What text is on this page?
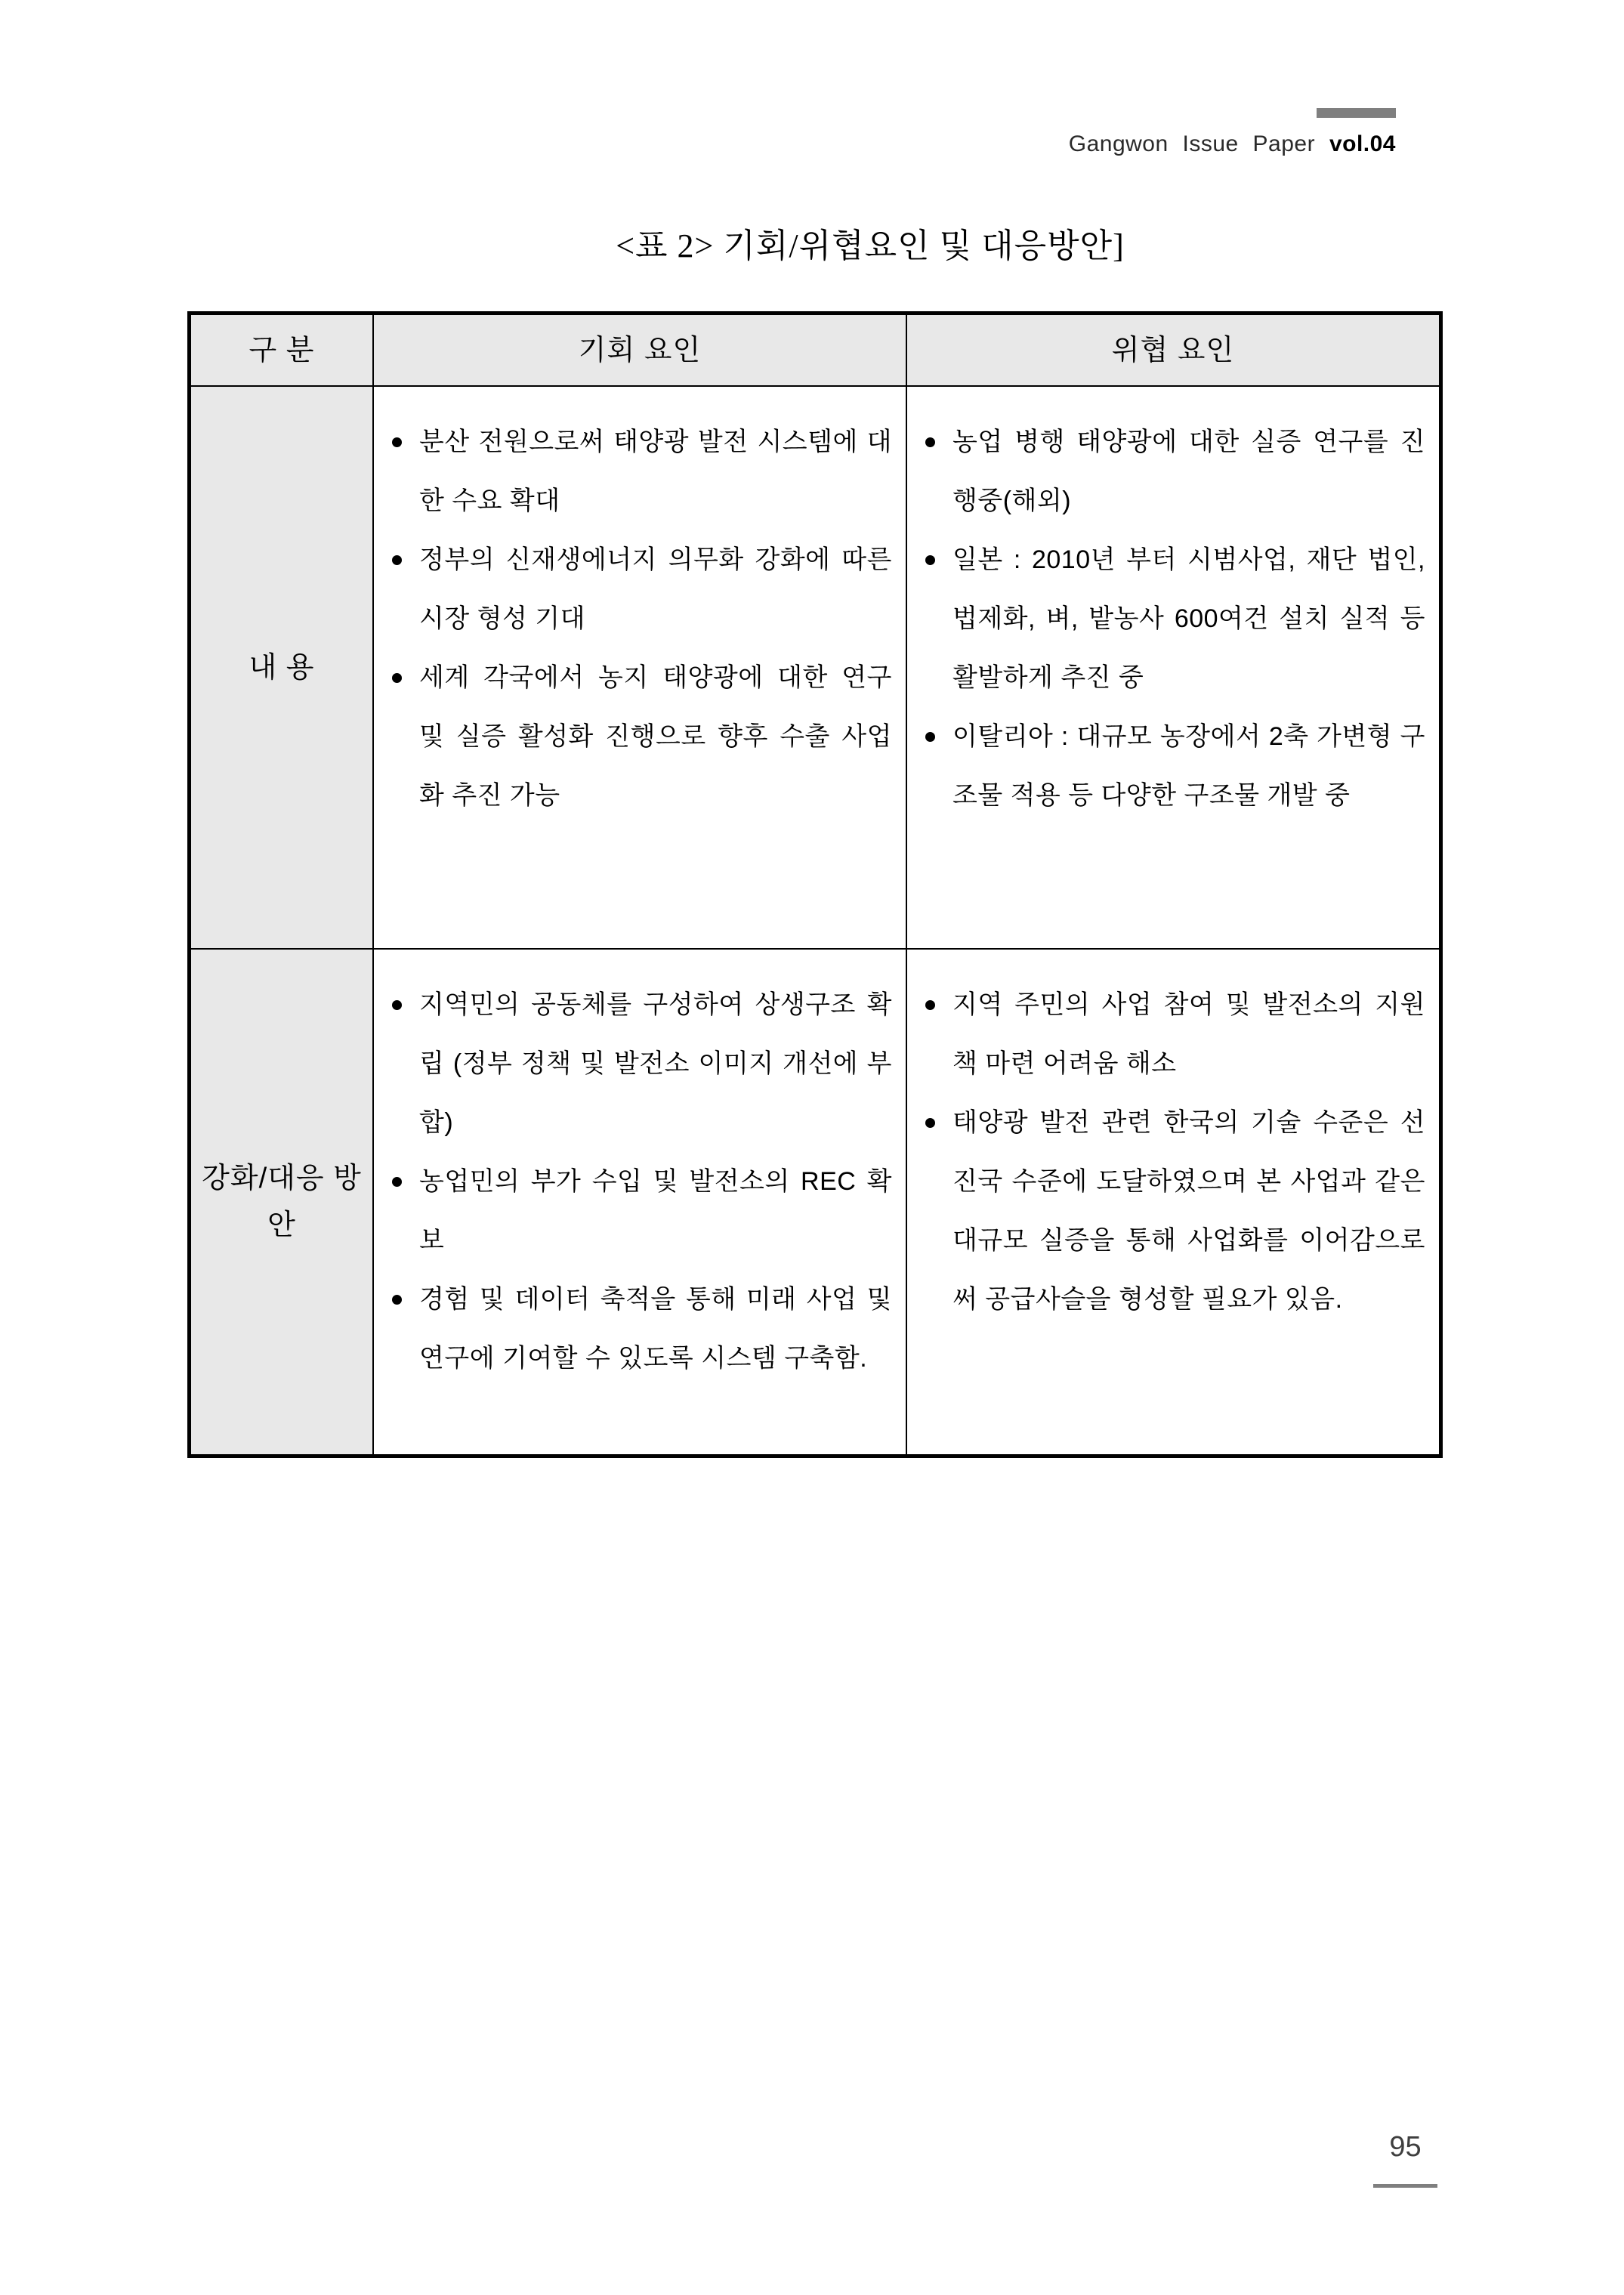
Gangwon Issue Paper vol.04
<표 2> 기회/위협요인 및 대응방안]
구 분	기회 요인	위협 요인
내 용
분산 전원으로써 태양광 발전 시스템에 대한 수요 확대
정부의 신재생에너지 의무화 강화에 따른 시장 형성 기대
세계 각국에서 농지 태양광에 대한 연구 및 실증 활성화 진행으로 향후 수출 사업화 추진 가능
농업 병행 태양광에 대한 실증 연구를 진행중(해외)
일본 : 2010년 부터 시범사업, 재단 법인, 법제화, 벼, 밭농사 600여건 설치 실적 등 활발하게 추진 중
이탈리아 : 대규모 농장에서 2축 가변형 구조물 적용 등 다양한 구조물 개발 중
강화/대응 방안
지역민의 공동체를 구성하여 상생구조 확립 (정부 정책 및 발전소 이미지 개선에 부합)
농업민의 부가 수입 및 발전소의 REC 확보
경험 및 데이터 축적을 통해 미래 사업 및 연구에 기여할 수 있도록 시스템 구축함.
지역 주민의 사업 참여 및 발전소의 지원책 마련 어려움 해소
태양광 발전 관련 한국의 기술 수준은 선진국 수준에 도달하였으며 본 사업과 같은 대규모 실증을 통해 사업화를 이어감으로써 공급사슬을 형성할 필요가 있음.
95
